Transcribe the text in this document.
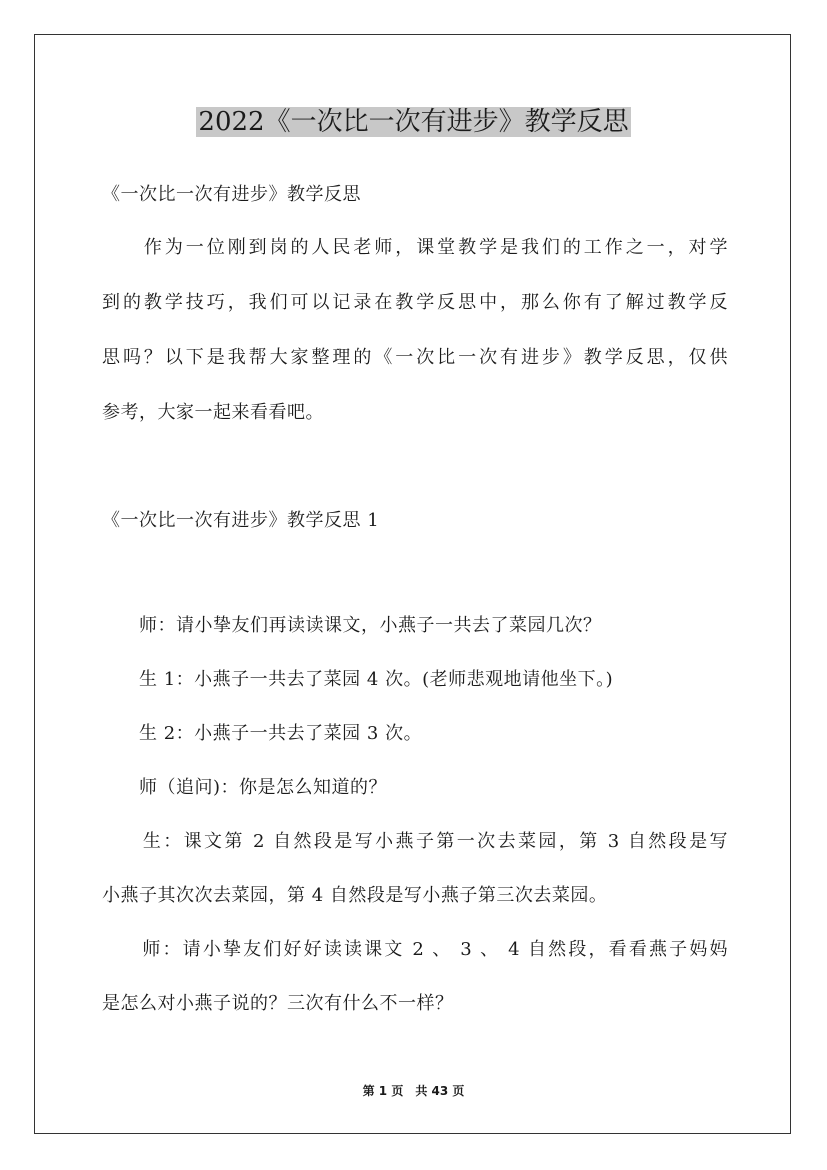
2022《一次比一次有进步》教学反思
《一次比一次有进步》教学反思
　　作为一位刚到岗的人民老师，课堂教学是我们的工作之一，对学
到的教学技巧，我们可以记录在教学反思中，那么你有了解过教学反
思吗？以下是我帮大家整理的《一次比一次有进步》教学反思，仅供
参考，大家一起来看看吧。
《一次比一次有进步》教学反思 1
　　师：请小挚友们再读读课文，小燕子一共去了菜园几次？
　　生 1：小燕子一共去了菜园 4 次。(老师悲观地请他坐下。)
　　生 2：小燕子一共去了菜园 3 次。
　　师（追问)：你是怎么知道的？
　　生：课文第 2 自然段是写小燕子第一次去菜园，第 3 自然段是写
小燕子其次次去菜园，第 4 自然段是写小燕子第三次去菜园。
　　师：请小挚友们好好读读课文 2 、 3 、 4 自然段，看看燕子妈妈
是怎么对小燕子说的？三次有什么不一样？
第 1 页　共 43 页
